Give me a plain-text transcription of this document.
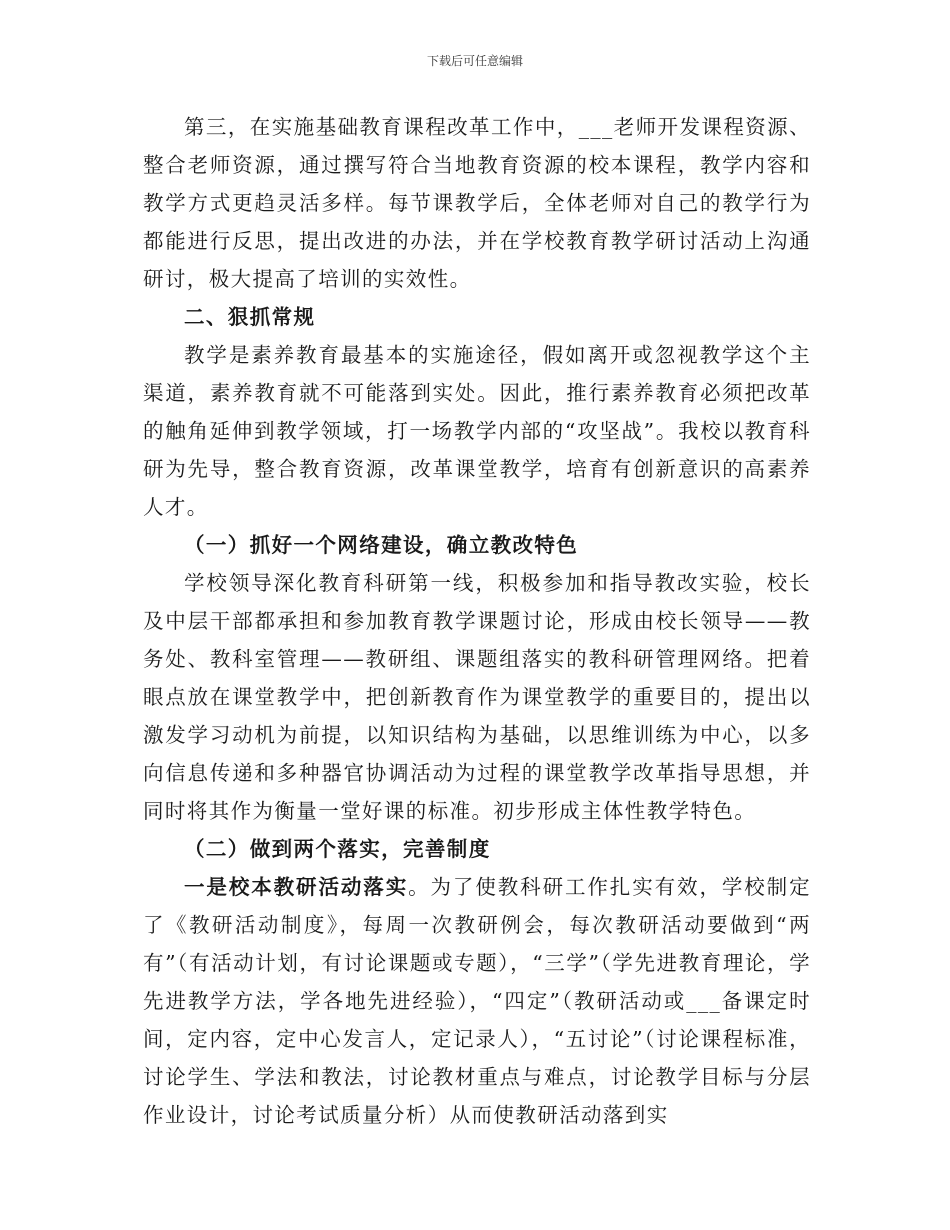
下载后可任意编辑

第三，在实施基础教育课程改革工作中，___老师开发课程资源、整合老师资源，通过撰写符合当地教育资源的校本课程，教学内容和教学方式更趋灵活多样。每节课教学后，全体老师对自己的教学行为都能进行反思，提出改进的办法，并在学校教育教学研讨活动上沟通研讨，极大提高了培训的实效性。

二、狠抓常规

教学是素养教育最基本的实施途径，假如离开或忽视教学这个主渠道，素养教育就不可能落到实处。因此，推行素养教育必须把改革的触角延伸到教学领域，打一场教学内部的“攻坚战”。我校以教育科研为先导，整合教育资源，改革课堂教学，培育有创新意识的高素养人才。

（一）抓好一个网络建设，确立教改特色

学校领导深化教育科研第一线，积极参加和指导教改实验，校长及中层干部都承担和参加教育教学课题讨论，形成由校长领导——教务处、教科室管理——教研组、课题组落实的教科研管理网络。把着眼点放在课堂教学中，把创新教育作为课堂教学的重要目的，提出以激发学习动机为前提，以知识结构为基础，以思维训练为中心，以多向信息传递和多种器官协调活动为过程的课堂教学改革指导思想，并同时将其作为衡量一堂好课的标准。初步形成主体性教学特色。

（二）做到两个落实，完善制度

一是校本教研活动落实。为了使教科研工作扎实有效，学校制定了《教研活动制度》，每周一次教研例会，每次教研活动要做到“两有”（有活动计划，有讨论课题或专题），“三学”（学先进教育理论，学先进教学方法，学各地先进经验），“四定”（教研活动或___备课定时间，定内容，定中心发言人，定记录人），“五讨论”（讨论课程标准，讨论学生、学法和教法，讨论教材重点与难点，讨论教学目标与分层作业设计，讨论考试质量分析）从而使教研活动落到实
